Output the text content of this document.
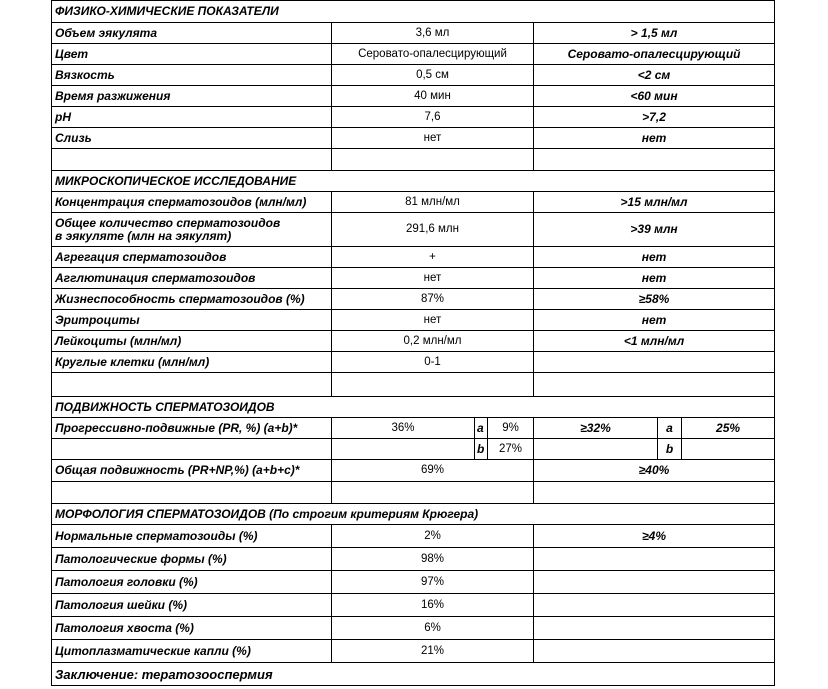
ФИЗИКО-ХИМИЧЕСКИЕ ПОКАЗАТЕЛИ						
Объем эякулята	3,6 мл			> 1,5 мл		
Цвет	Серовато-опалесцирующий			Серовато-опалесцирующий		
Вязкость	0,5 см			<2 см		
Время разжижения	40 мин			<60 мин		
pH	7,6			>7,2		
Слизь	нет			нет		

МИКРОСКОПИЧЕСКОЕ ИССЛЕДОВАНИЕ						
Концентрация сперматозоидов (млн/мл)	81 млн/мл			>15 млн/мл		
Общее количество сперматозоидов
в эякуляте (млн на эякулят)	291,6 млн			>39 млн		
Агрегация сперматозоидов	+			нет		
Агглютинация сперматозоидов	нет			нет		
Жизнеспособность сперматозоидов (%)	87%			≥58%		
Эритроциты	нет			нет		
Лейкоциты (млн/мл)	0,2 млн/мл			<1 млн/мл		
Круглые клетки (млн/мл)	0-1					

ПОДВИЖНОСТЬ СПЕРМАТОЗОИДОВ						
Прогрессивно-подвижные (PR, %) (a+b)*	36%	a	9%	≥32%	a	25%
		b	27%		b	
Общая подвижность (PR+NP,%) (a+b+c)*	69%			≥40%		

МОРФОЛОГИЯ СПЕРМАТОЗОИДОВ (По строгим критериям Крюгера)						
Нормальные сперматозоиды (%)	2%			≥4%		
Патологические формы (%)	98%					
Патология головки (%)	97%					
Патология шейки (%)	16%					
Патология хвоста (%)	6%					
Цитоплазматические капли (%)	21%					
Заключение: тератозооспермия						
